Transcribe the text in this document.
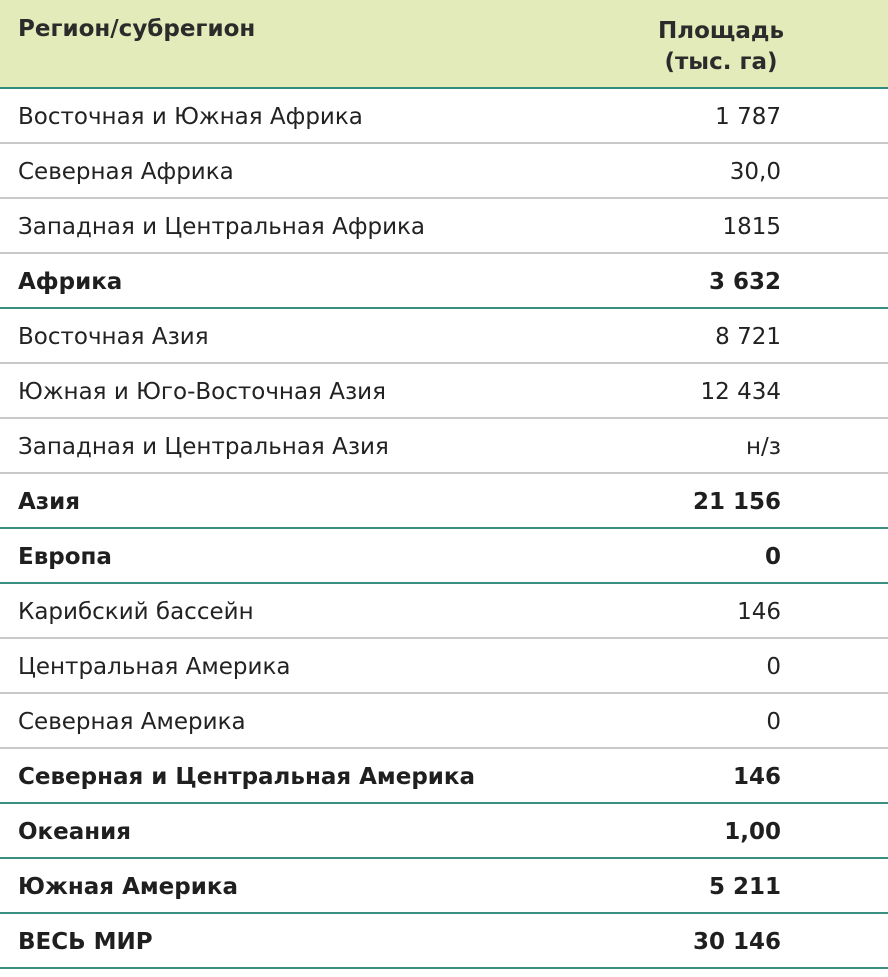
Регион/субрегион	Площадь
(тыс. га)
Восточная и Южная Африка	1 787
Северная Африка	30,0
Западная и Центральная Африка	1815
Африка	3 632
Восточная Азия	8 721
Южная и Юго-Восточная Азия	12 434
Западная и Центральная Азия	н/з
Азия	21 156
Европа	0
Карибский бассейн	146
Центральная Америка	0
Северная Америка	0
Северная и Центральная Америка	146
Океания	1,00
Южная Америка	5 211
ВЕСЬ МИР	30 146
